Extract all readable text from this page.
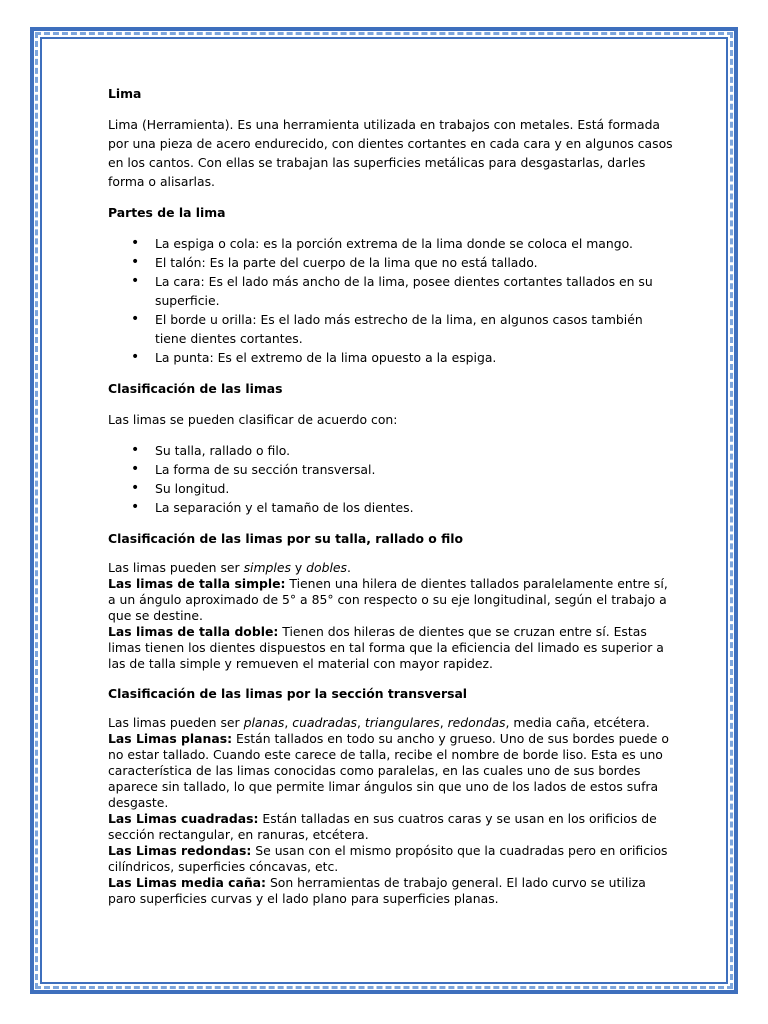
Lima

Lima (Herramienta). Es una herramienta utilizada en trabajos con metales. Está formada por una pieza de acero endurecido, con dientes cortantes en cada cara y en algunos casos en los cantos. Con ellas se trabajan las superficies metálicas para desgastarlas, darles forma o alisarlas.

Partes de la lima

• La espiga o cola: es la porción extrema de la lima donde se coloca el mango.
• El talón: Es la parte del cuerpo de la lima que no está tallado.
• La cara: Es el lado más ancho de la lima, posee dientes cortantes tallados en su superficie.
• El borde u orilla: Es el lado más estrecho de la lima, en algunos casos también tiene dientes cortantes.
• La punta: Es el extremo de la lima opuesto a la espiga.

Clasificación de las limas

Las limas se pueden clasificar de acuerdo con:

• Su talla, rallado o filo.
• La forma de su sección transversal.
• Su longitud.
• La separación y el tamaño de los dientes.

Clasificación de las limas por su talla, rallado o filo

Las limas pueden ser simples y dobles.

Las limas de talla simple: Tienen una hilera de dientes tallados paralelamente entre sí, a un ángulo aproximado de 5° a 85° con respecto o su eje longitudinal, según el trabajo a que se destine.

Las limas de talla doble: Tienen dos hileras de dientes que se cruzan entre sí. Estas limas tienen los dientes dispuestos en tal forma que la eficiencia del limado es superior a las de talla simple y remueven el material con mayor rapidez.

Clasificación de las limas por la sección transversal

Las limas pueden ser planas, cuadradas, triangulares, redondas, media caña, etcétera.

Las Limas planas: Están tallados en todo su ancho y grueso. Uno de sus bordes puede o no estar tallado. Cuando este carece de talla, recibe el nombre de borde liso. Esta es uno característica de las limas conocidas como paralelas, en las cuales uno de sus bordes aparece sin tallado, lo que permite limar ángulos sin que uno de los lados de estos sufra desgaste.

Las Limas cuadradas: Están talladas en sus cuatros caras y se usan en los orificios de sección rectangular, en ranuras, etcétera.

Las Limas redondas: Se usan con el mismo propósito que la cuadradas pero en orificios cilíndricos, superficies cóncavas, etc.

Las Limas media caña: Son herramientas de trabajo general. El lado curvo se utiliza paro superficies curvas y el lado plano para superficies planas.
